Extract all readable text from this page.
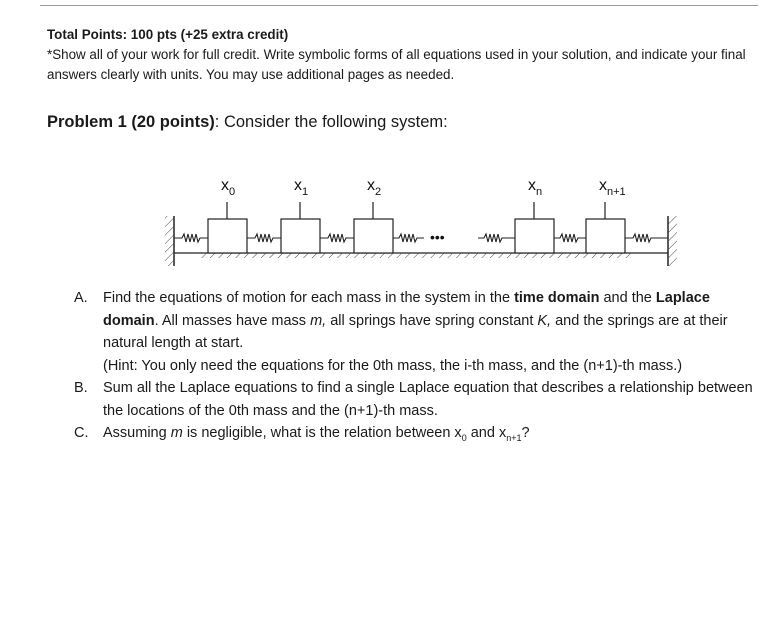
Total Points: 100 pts (+25 extra credit)
*Show all of your work for full credit. Write symbolic forms of all equations used in your solution, and indicate your final answers clearly with units. You may use additional pages as needed.
Problem 1 (20 points): Consider the following system:
•••
$x_0$	$x_1$	$x_2$	$x_n$	$x_{n+1}$
A.	Find the equations of motion for each mass in the system in the time domain and the Laplace domain. All masses have mass m, all springs have spring constant K, and the springs are at their natural length at start.
(Hint: You only need the equations for the 0th mass, the i-th mass, and the (n+1)-th mass.)
B.	Sum all the Laplace equations to find a single Laplace equation that describes a relationship between the locations of the 0th mass and the (n+1)-th mass.
C.	Assuming m is negligible, what is the relation between $x_0$ and $x_{n+1}$?
